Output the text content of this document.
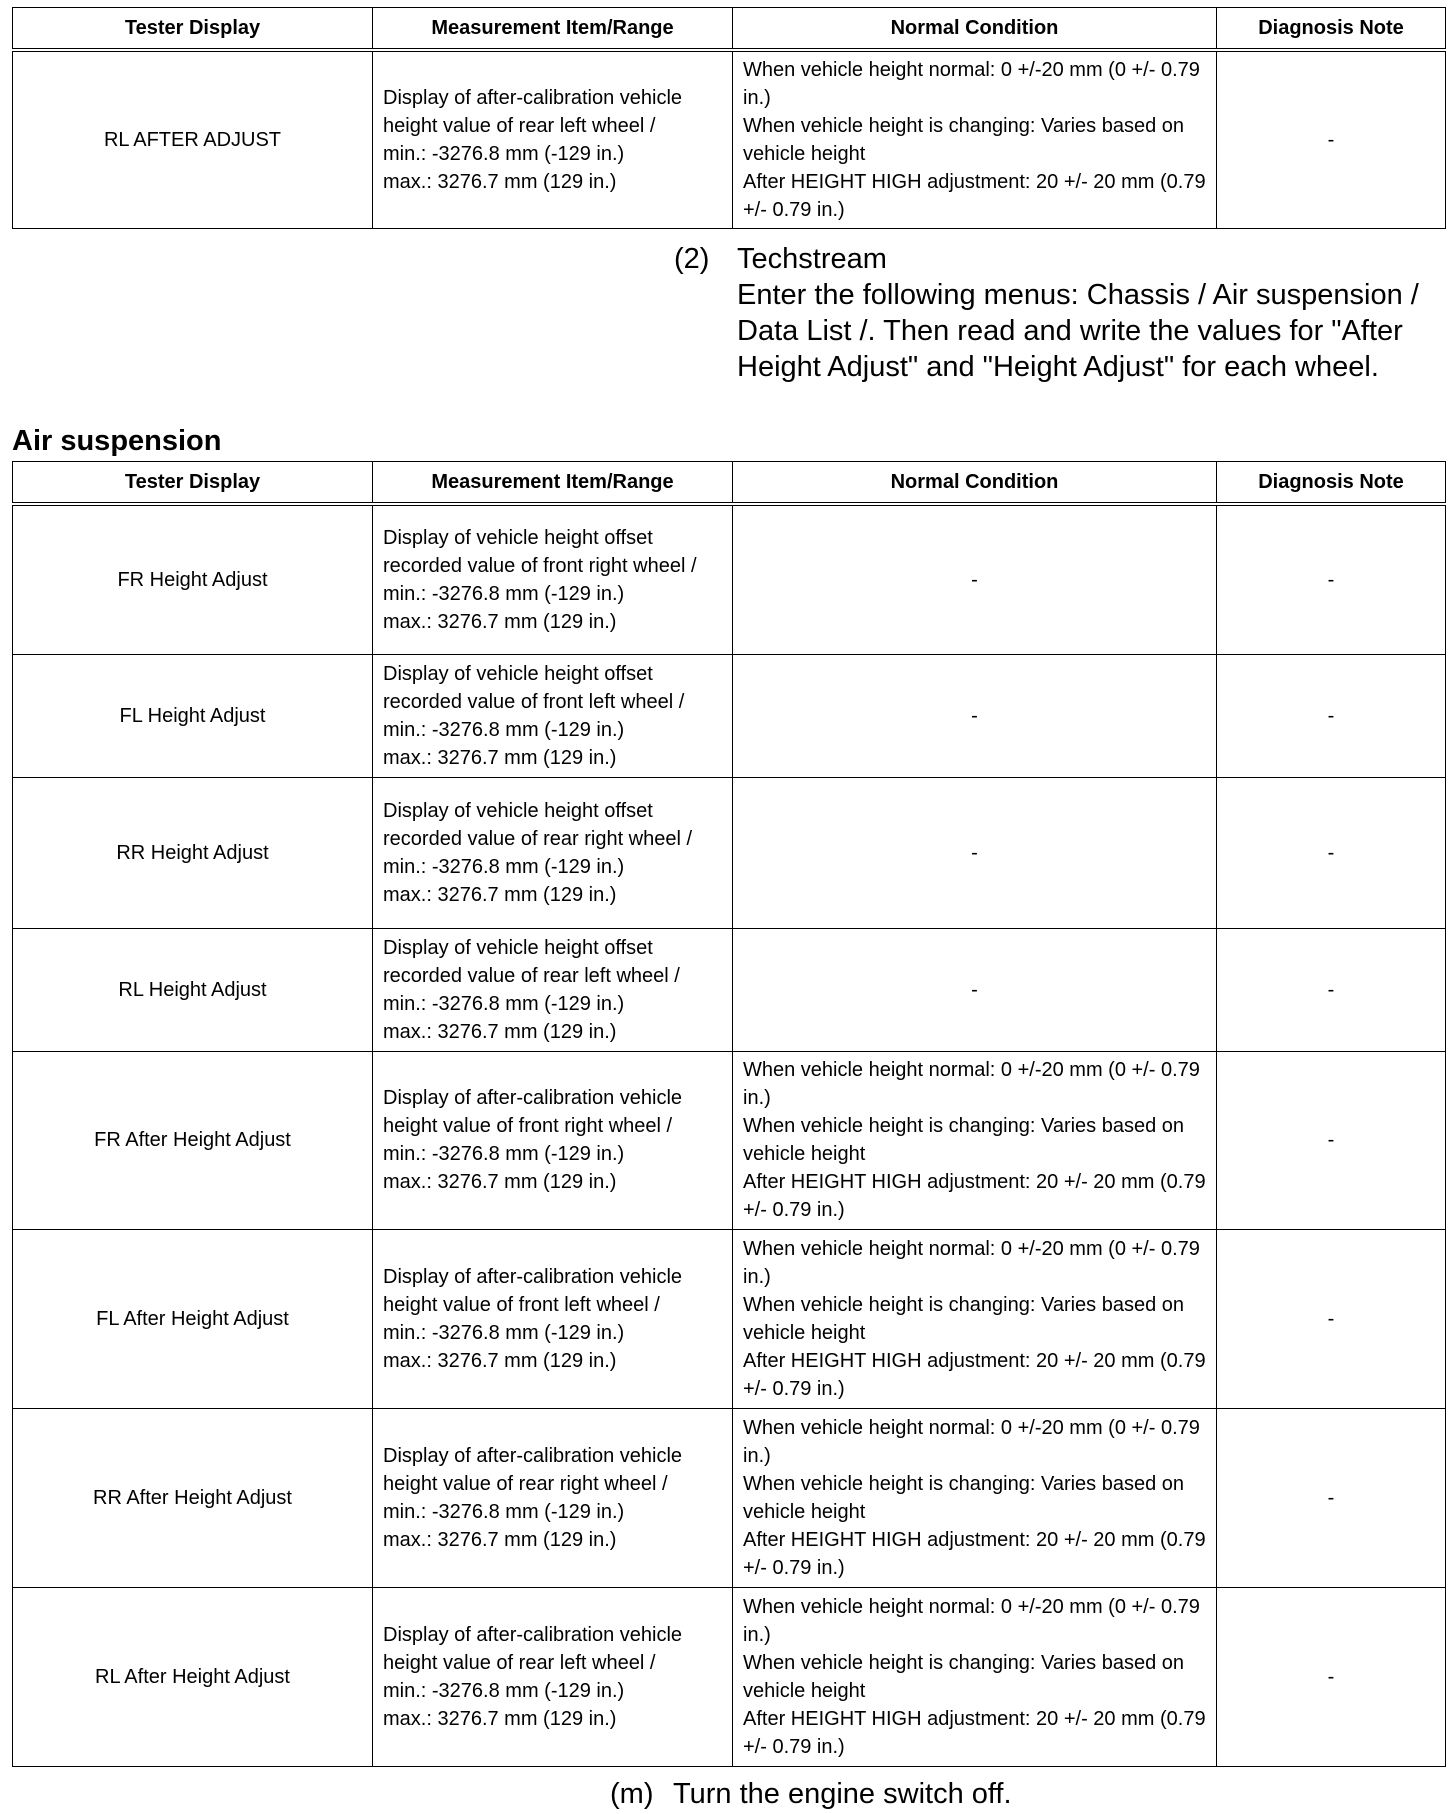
Tester Display	Measurement Item/Range	Normal Condition	Diagnosis Note
RL AFTER ADJUST	Display of after-calibration vehicle height value of rear left wheel /
min.: -3276.8 mm (-129 in.)
max.: 3276.7 mm (129 in.)	When vehicle height normal: 0 +/-20 mm (0 +/- 0.79 in.)
When vehicle height is changing: Varies based on vehicle height
After HEIGHT HIGH adjustment: 20 +/- 20 mm (0.79 +/- 0.79 in.)	-
(2) Techstream
Enter the following menus: Chassis / Air suspension / Data List /. Then read and write the values for "After Height Adjust" and "Height Adjust" for each wheel.
Air suspension
Tester Display	Measurement Item/Range	Normal Condition	Diagnosis Note
FR Height Adjust	Display of vehicle height offset recorded value of front right wheel /
min.: -3276.8 mm (-129 in.)
max.: 3276.7 mm (129 in.)	-	-
FL Height Adjust	Display of vehicle height offset recorded value of front left wheel /
min.: -3276.8 mm (-129 in.)
max.: 3276.7 mm (129 in.)	-	-
RR Height Adjust	Display of vehicle height offset recorded value of rear right wheel /
min.: -3276.8 mm (-129 in.)
max.: 3276.7 mm (129 in.)	-	-
RL Height Adjust	Display of vehicle height offset recorded value of rear left wheel /
min.: -3276.8 mm (-129 in.)
max.: 3276.7 mm (129 in.)	-	-
FR After Height Adjust	Display of after-calibration vehicle height value of front right wheel /
min.: -3276.8 mm (-129 in.)
max.: 3276.7 mm (129 in.)	When vehicle height normal: 0 +/-20 mm (0 +/- 0.79 in.)
When vehicle height is changing: Varies based on vehicle height
After HEIGHT HIGH adjustment: 20 +/- 20 mm (0.79 +/- 0.79 in.)	-
FL After Height Adjust	Display of after-calibration vehicle height value of front left wheel /
min.: -3276.8 mm (-129 in.)
max.: 3276.7 mm (129 in.)	When vehicle height normal: 0 +/-20 mm (0 +/- 0.79 in.)
When vehicle height is changing: Varies based on vehicle height
After HEIGHT HIGH adjustment: 20 +/- 20 mm (0.79 +/- 0.79 in.)	-
RR After Height Adjust	Display of after-calibration vehicle height value of rear right wheel /
min.: -3276.8 mm (-129 in.)
max.: 3276.7 mm (129 in.)	When vehicle height normal: 0 +/-20 mm (0 +/- 0.79 in.)
When vehicle height is changing: Varies based on vehicle height
After HEIGHT HIGH adjustment: 20 +/- 20 mm (0.79 +/- 0.79 in.)	-
RL After Height Adjust	Display of after-calibration vehicle height value of rear left wheel /
min.: -3276.8 mm (-129 in.)
max.: 3276.7 mm (129 in.)	When vehicle height normal: 0 +/-20 mm (0 +/- 0.79 in.)
When vehicle height is changing: Varies based on vehicle height
After HEIGHT HIGH adjustment: 20 +/- 20 mm (0.79 +/- 0.79 in.)	-
(m) Turn the engine switch off.
